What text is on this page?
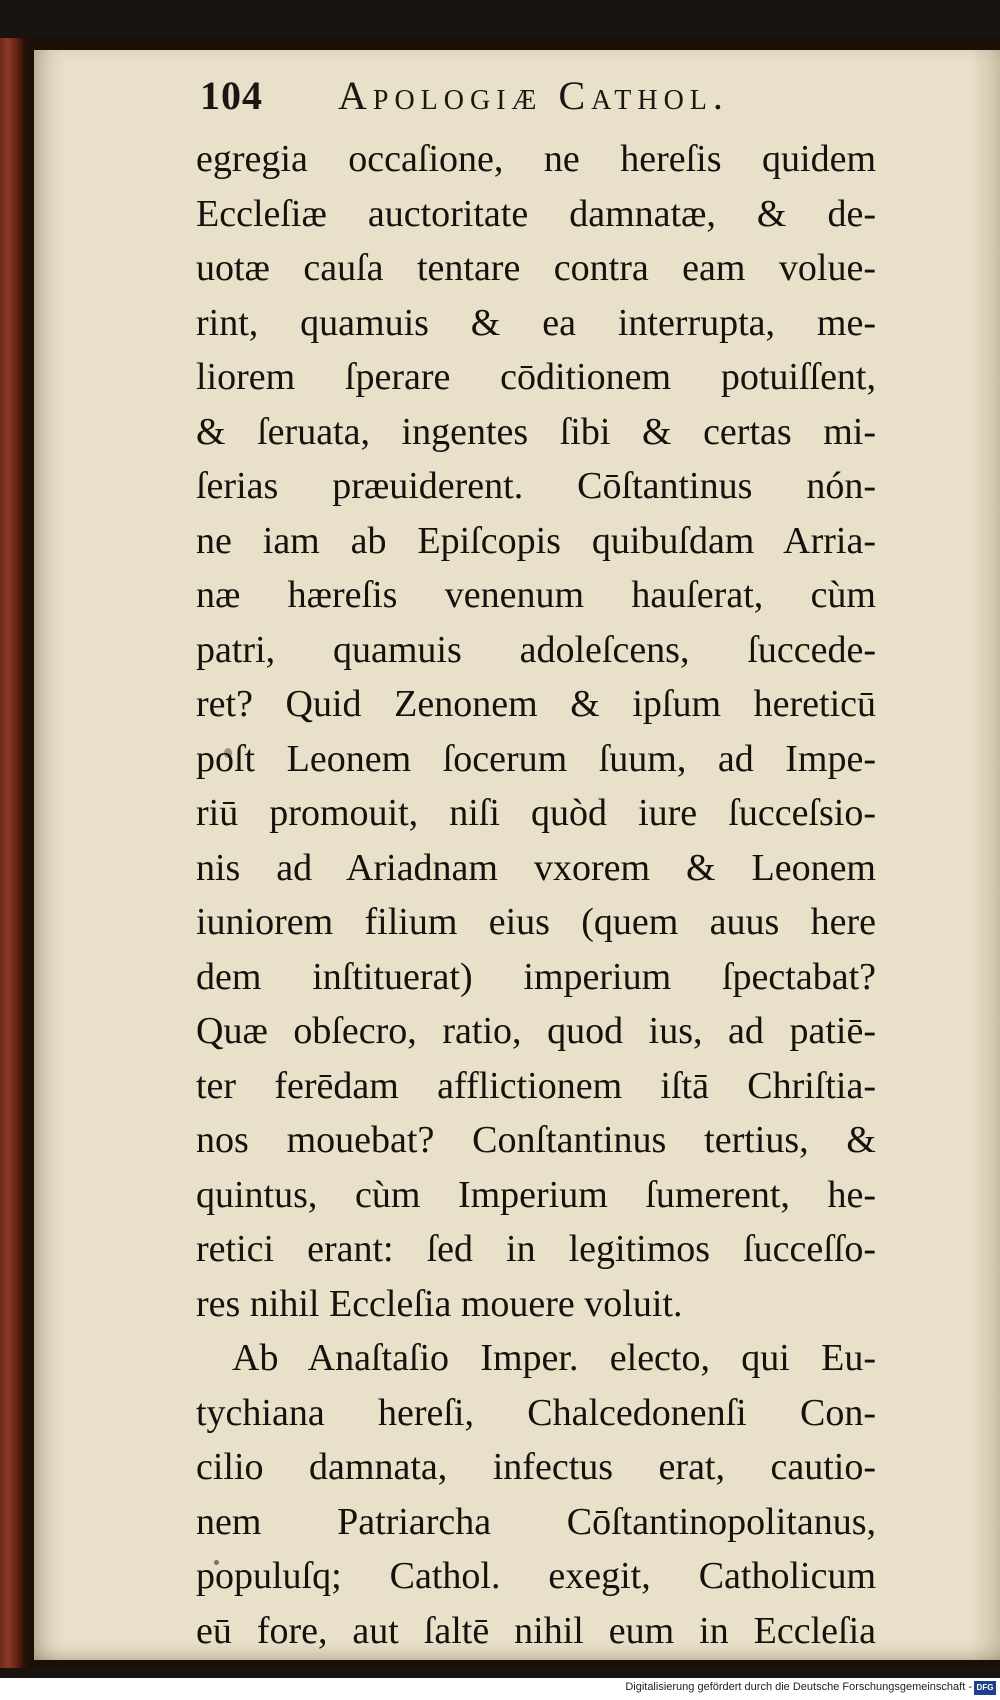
104 Apologiæ Cathol.
egregia occaſione, ne hereſis quidem
Eccleſiæ auctoritate damnatæ, & de-
uotæ cauſa tentare contra eam volue-
rint, quamuis & ea interrupta, me-
liorem ſperare cōditionem potuiſſent,
& ſeruata, ingentes ſibi & certas mi-
ſerias præuiderent. Cōſtantinus nón-
ne iam ab Epiſcopis quibuſdam Arria-
næ hæreſis venenum hauſerat, cùm
patri, quamuis adoleſcens, ſuccede-
ret? Quid Zenonem & ipſum hereticū
poſt Leonem ſocerum ſuum, ad Impe-
riū promouit, niſi quòd iure ſucceſsio-
nis ad Ariadnam vxorem & Leonem
iuniorem filium eius (quem auus here
dem inſtituerat) imperium ſpectabat?
Quæ obſecro, ratio, quod ius, ad patiē-
ter ferēdam afflictionem iſtā Chriſtia-
nos mouebat? Conſtantinus tertius, &
quintus, cùm Imperium ſumerent, he-
retici erant: ſed in legitimos ſucceſſo-
res nihil Eccleſia mouere voluit.
Ab Anaſtaſio Imper. electo, qui Eu-
tychiana hereſi, Chalcedonenſi Con-
cilio damnata, infectus erat, cautio-
nem Patriarcha Cōſtantinopolitanus,
populuſq; Cathol. exegit, Catholicum
eū fore, aut ſaltē nihil eum in Eccleſia
Digitalisierung gefördert durch die Deutsche Forschungsgemeinschaft - DFG
